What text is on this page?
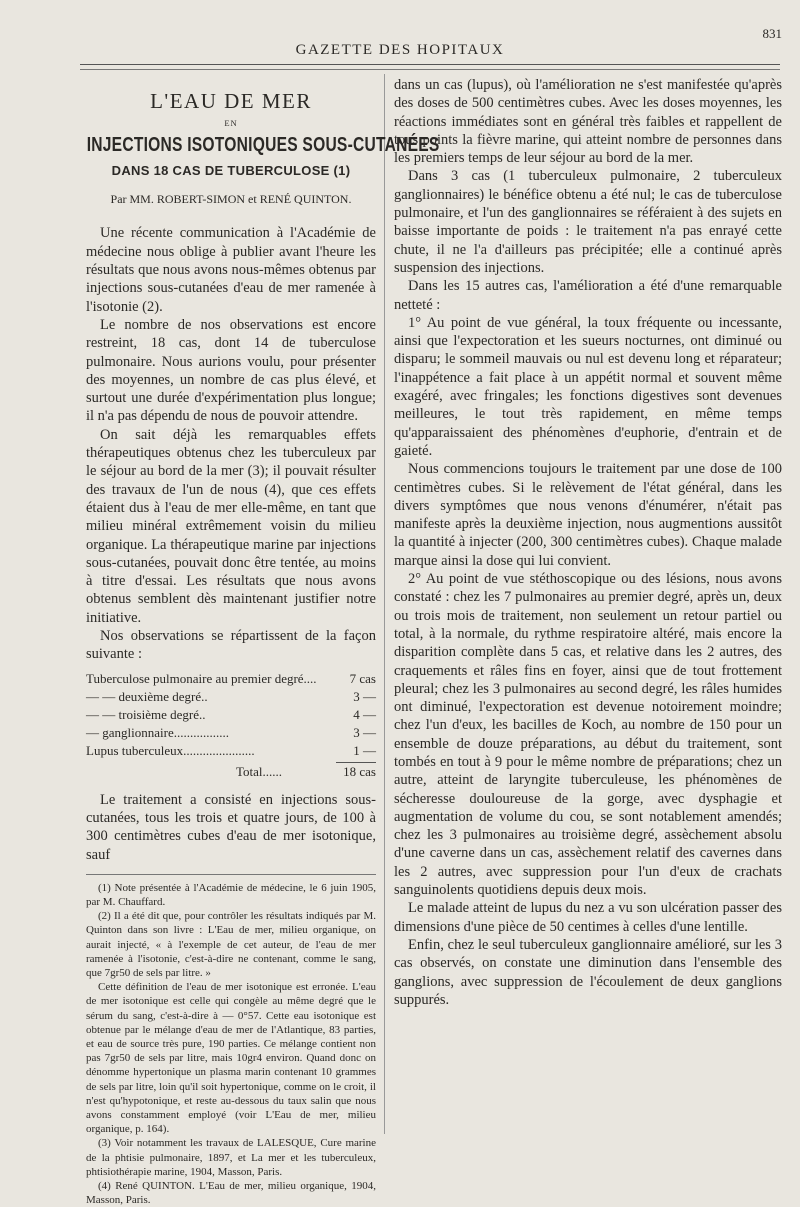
831
GAZETTE DES HOPITAUX
L'EAU DE MER
EN
INJECTIONS ISOTONIQUES SOUS-CUTANÉES
DANS 18 CAS DE TUBERCULOSE (1)
Par MM. ROBERT-SIMON et RENÉ QUINTON.

Une récente communication à l'Académie de médecine nous oblige à publier avant l'heure les résultats que nous avons nous-mêmes obtenus par injections sous-cutanées d'eau de mer ramenée à l'isotonie (2).

Le nombre de nos observations est encore restreint, 18 cas, dont 14 de tuberculose pulmonaire. Nous aurions voulu, pour présenter des moyennes, un nombre de cas plus élevé, et surtout une durée d'expérimentation plus longue; il n'a pas dépendu de nous de pouvoir attendre.

On sait déjà les remarquables effets thérapeutiques obtenus chez les tuberculeux par le séjour au bord de la mer (3); il pouvait résulter des travaux de l'un de nous (4), que ces effets étaient dus à l'eau de mer elle-même, en tant que milieu minéral extrêmement voisin du milieu organique. La thérapeutique marine par injections sous-cutanées, pouvait donc être tentée, au moins à titre d'essai. Les résultats que nous avons obtenus semblent dès maintenant justifier notre initiative.

Nos observations se répartissent de la façon suivante :

Tuberculose pulmonaire au premier degré....	7 cas
— — deuxième degré..	3 —
— — troisième degré..	4 —
— ganglionnaire.................	3 —
Lupus tuberculeux......................	1 —
Total......	18 cas

Le traitement a consisté en injections sous-cutanées, tous les trois et quatre jours, de 100 à 300 centimètres cubes d'eau de mer isotonique, sauf

(1) Note présentée à l'Académie de médecine, le 6 juin 1905, par M. Chauffard.

(2) Il a été dit que, pour contrôler les résultats indiqués par M. Quinton dans son livre : L'Eau de mer, milieu organique, on aurait injecté, « à l'exemple de cet auteur, de l'eau de mer ramenée à l'isotonie, c'est-à-dire ne contenant, comme le sang, que 7gr50 de sels par litre. »

Cette définition de l'eau de mer isotonique est erronée. L'eau de mer isotonique est celle qui congèle au même degré que le sérum du sang, c'est-à-dire à — 0°57. Cette eau isotonique est obtenue par le mélange d'eau de mer de l'Atlantique, 83 parties, et eau de source très pure, 190 parties. Ce mélange contient non pas 7gr50 de sels par litre, mais 10gr4 environ. Quand donc on dénomme hypertonique un plasma marin contenant 10 grammes de sels par litre, loin qu'il soit hypertonique, comme on le croit, il n'est qu'hypotonique, et reste au-dessous du taux salin que nous avons constamment employé (voir L'Eau de mer, milieu organique, p. 164).

(3) Voir notamment les travaux de LALESQUE, Cure marine de la phtisie pulmonaire, 1897, et La mer et les tuberculeux, phtisiothérapie marine, 1904, Masson, Paris.

(4) René QUINTON. L'Eau de mer, milieu organique, 1904, Masson, Paris.

dans un cas (lupus), où l'amélioration ne s'est manifestée qu'après des doses de 500 centimètres cubes. Avec les doses moyennes, les réactions immédiates sont en général très faibles et rappellent de tous points la fièvre marine, qui atteint nombre de personnes dans les premiers temps de leur séjour au bord de la mer.

Dans 3 cas (1 tuberculeux pulmonaire, 2 tuberculeux ganglionnaires) le bénéfice obtenu a été nul; le cas de tuberculose pulmonaire, et l'un des ganglionnaires se référaient à des sujets en baisse importante de poids : le traitement n'a pas enrayé cette chute, il ne l'a d'ailleurs pas précipitée; elle a continué après suspension des injections.

Dans les 15 autres cas, l'amélioration a été d'une remarquable netteté :

1° Au point de vue général, la toux fréquente ou incessante, ainsi que l'expectoration et les sueurs nocturnes, ont diminué ou disparu; le sommeil mauvais ou nul est devenu long et réparateur; l'inappétence a fait place à un appétit normal et souvent même exagéré, avec fringales; les fonctions digestives sont devenues meilleures, le tout très rapidement, en même temps qu'apparaissaient des phénomènes d'euphorie, d'entrain et de gaieté.

Nous commencions toujours le traitement par une dose de 100 centimètres cubes. Si le relèvement de l'état général, dans les divers symptômes que nous venons d'énumérer, n'était pas manifeste après la deuxième injection, nous augmentions aussitôt la quantité à injecter (200, 300 centimètres cubes). Chaque malade marque ainsi la dose qui lui convient.

2° Au point de vue stéthoscopique ou des lésions, nous avons constaté : chez les 7 pulmonaires au premier degré, après un, deux ou trois mois de traitement, non seulement un retour partiel ou total, à la normale, du rythme respiratoire altéré, mais encore la disparition complète dans 5 cas, et relative dans les 2 autres, des craquements et râles fins en foyer, ainsi que de tout frottement pleural; chez les 3 pulmonaires au second degré, les râles humides ont diminué, l'expectoration est devenue notoirement moindre; chez l'un d'eux, les bacilles de Koch, au nombre de 150 pour un ensemble de douze préparations, au début du traitement, sont tombés en tout à 9 pour le même nombre de préparations; chez un autre, atteint de laryngite tuberculeuse, les phénomènes de sécheresse douloureuse de la gorge, avec dysphagie et augmentation de volume du cou, se sont notablement amendés; chez les 3 pulmonaires au troisième degré, assèchement absolu d'une caverne dans un cas, assèchement relatif des cavernes dans les 2 autres, avec suppression pour l'un d'eux de crachats sanguinolents quotidiens depuis deux mois.

Le malade atteint de lupus du nez a vu son ulcération passer des dimensions d'une pièce de 50 centimes à celles d'une lentille.

Enfin, chez le seul tuberculeux ganglionnaire amélioré, sur les 3 cas observés, on constate une diminution dans l'ensemble des ganglions, avec suppression de l'écoulement de deux ganglions suppurés.
